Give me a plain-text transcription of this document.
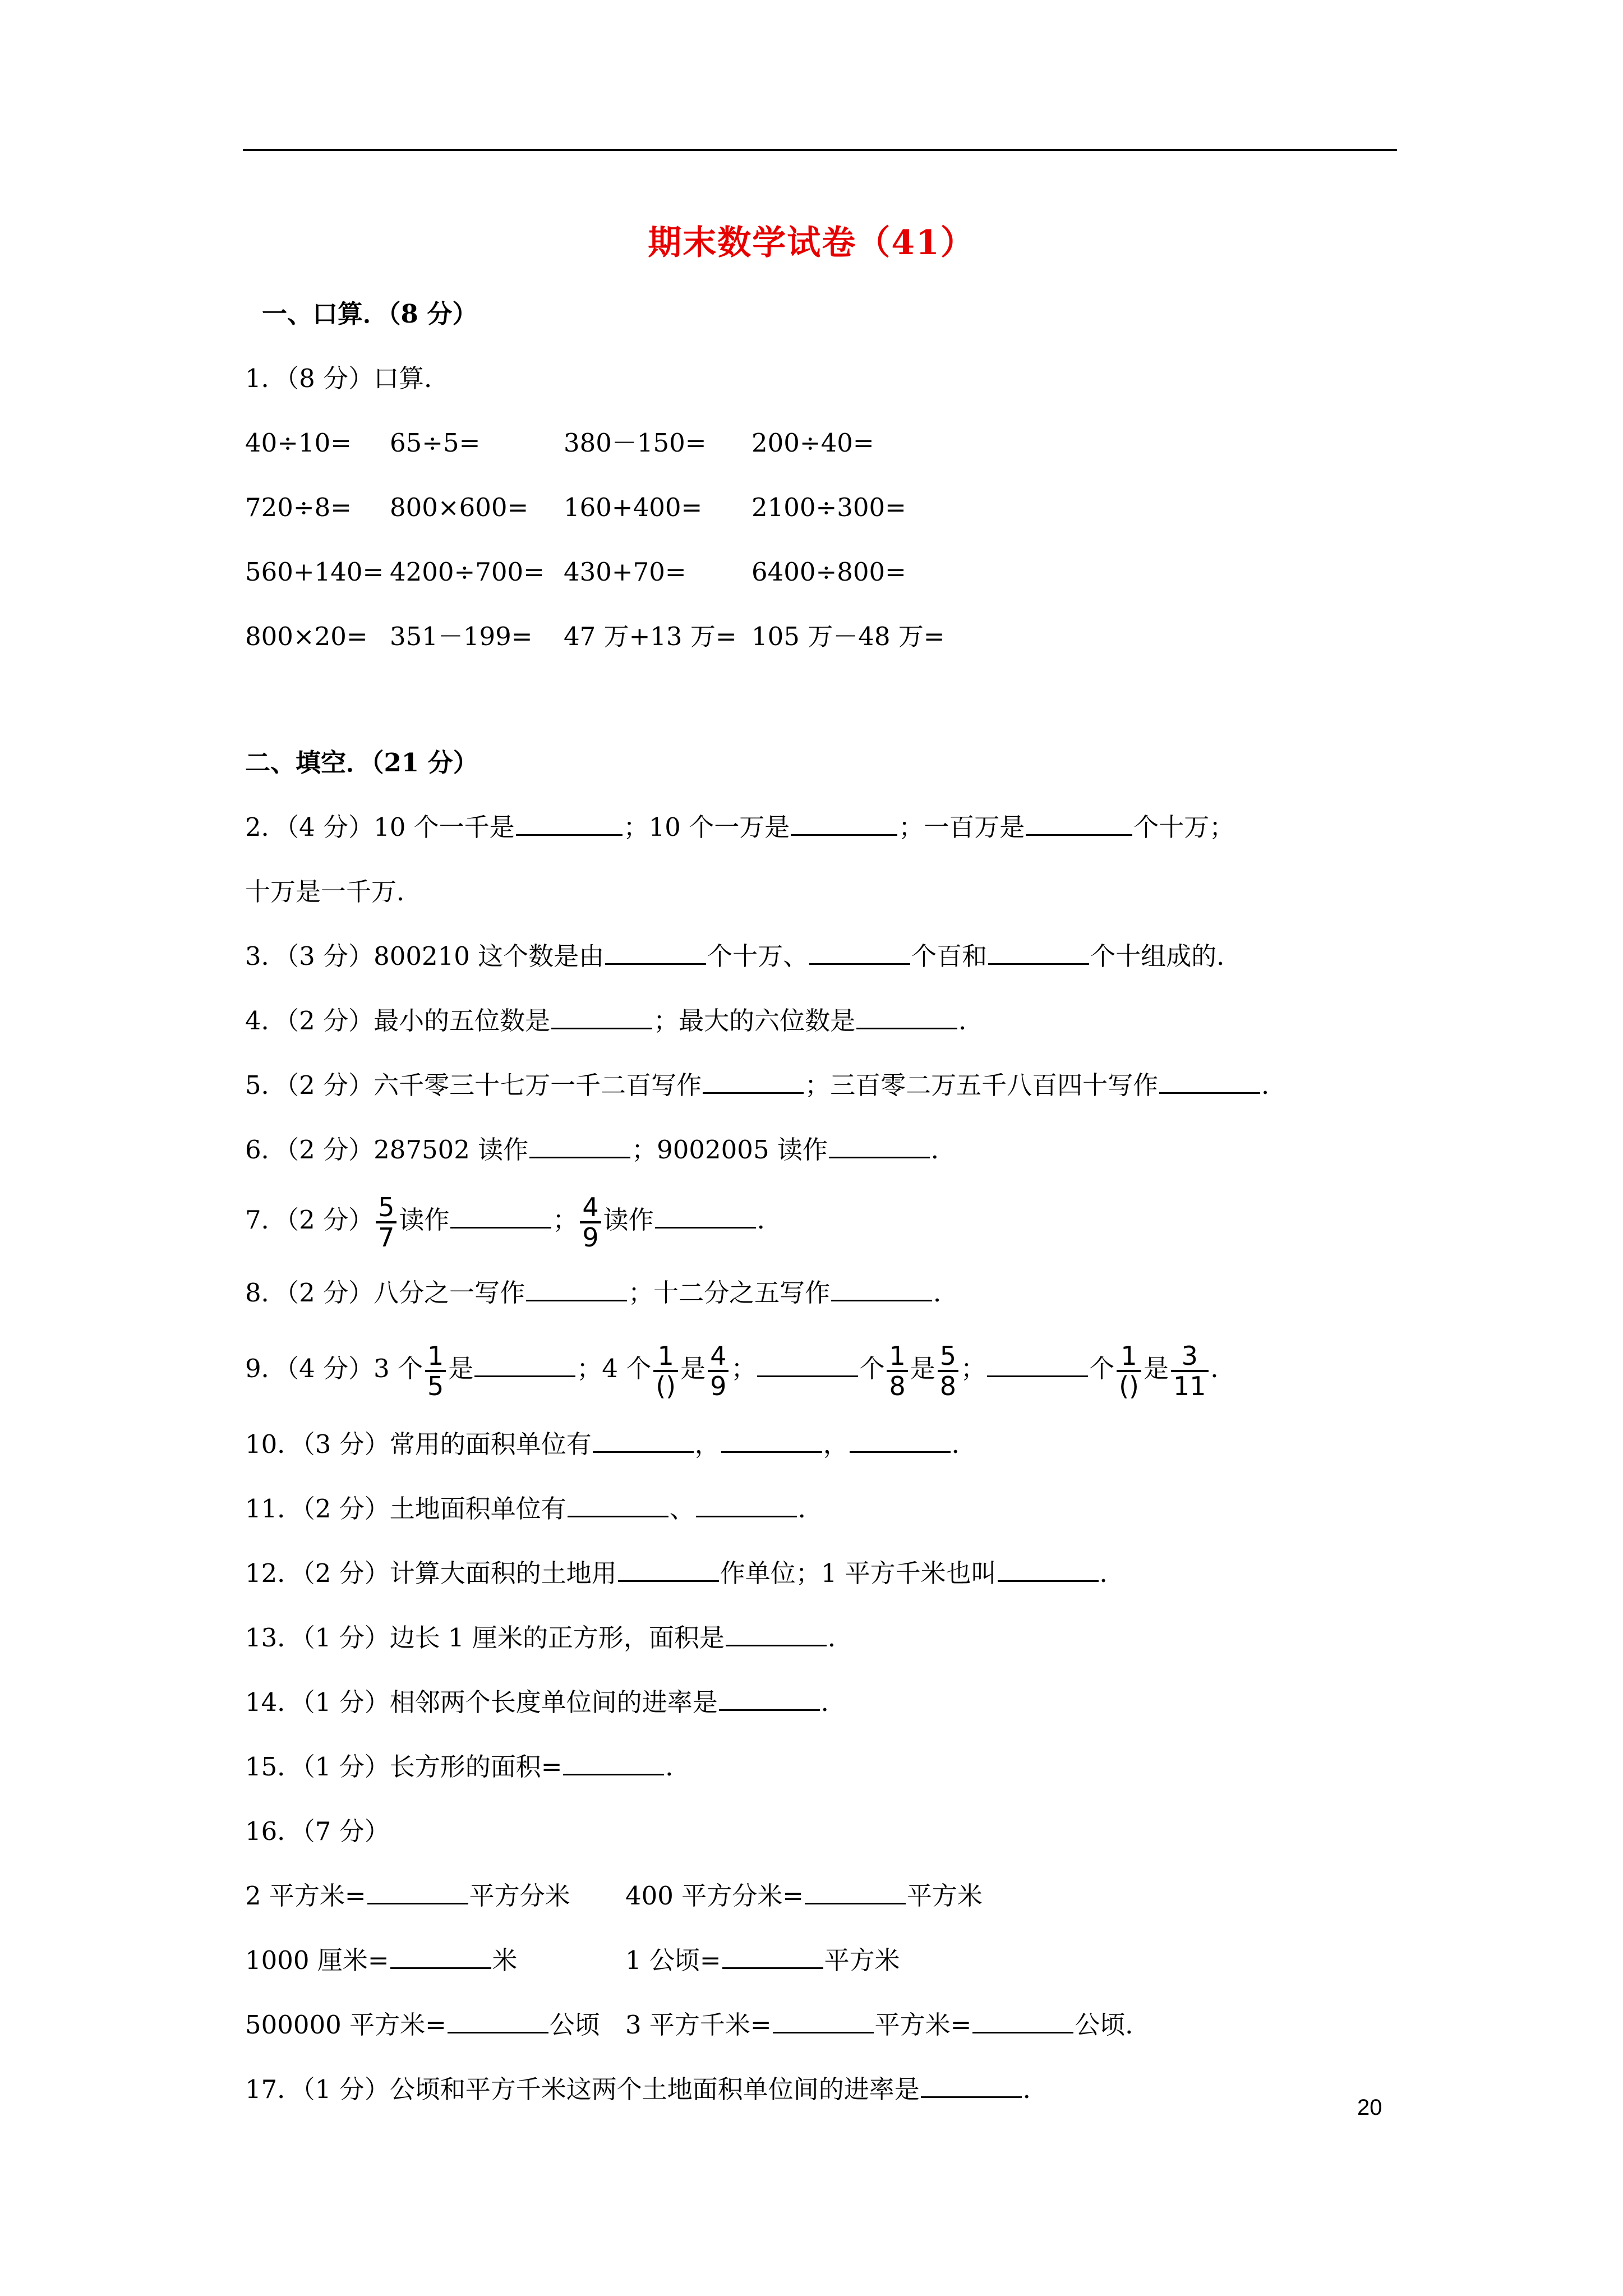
期末数学试卷（41）
一、口算．（8 分）
1．（8 分）口算．
40÷10= 65÷5=	380－150= 200÷40=
720÷8= 800×600= 160+400= 2100÷300=
560+140= 4200÷700= 430+70=	6400÷800=
800×20= 351－199= 47 万+13 万= 105 万－48 万=
二、填空．（21 分）
2．（4 分）10 个一千是	；10 个一万是	；一百万是	个十万；
十万是一千万．
3．（3 分）800210 这个数是由	个十万、	个百和	个十组成的．
4．（2 分）最小的五位数是	；最大的六位数是	．
5．（2 分）六千零三十七万一千二百写作	；三百零二万五千八百四十写作	．
6．（2 分）287502 读作	；9002005 读作	．
7．（2 分） $\frac{5}{7}$ 读作	； $\frac{4}{9}$ 读作	．
8．（2 分）八分之一写作	；十二分之五写作	．
9．（4 分）3 个 $\frac{1}{5}$ 是	；4 个 $\frac{1}{()}$ 是 $\frac{4}{9}$ ；	个 $\frac{1}{8}$ 是 $\frac{5}{8}$ ；	个 $\frac{1}{()}$ 是 $\frac{3}{11}$ ．
10．（3 分）常用的面积单位有	，	，	．
11．（2 分）土地面积单位有	、	．
12．（2 分）计算大面积的土地用	作单位；1 平方千米也叫	．
13．（1 分）边长 1 厘米的正方形，面积是	．
14．（1 分）相邻两个长度单位间的进率是	．
15．（1 分）长方形的面积=	．
16．（7 分）
2 平方米=	平方分米 400 平方分米=	平方米
1000 厘米=	米	1 公顷=	平方米
500000 平方米=	公顷 3 平方千米=	平方米=	公顷．
17．（1 分）公顷和平方千米这两个土地面积单位间的进率是	．
20
